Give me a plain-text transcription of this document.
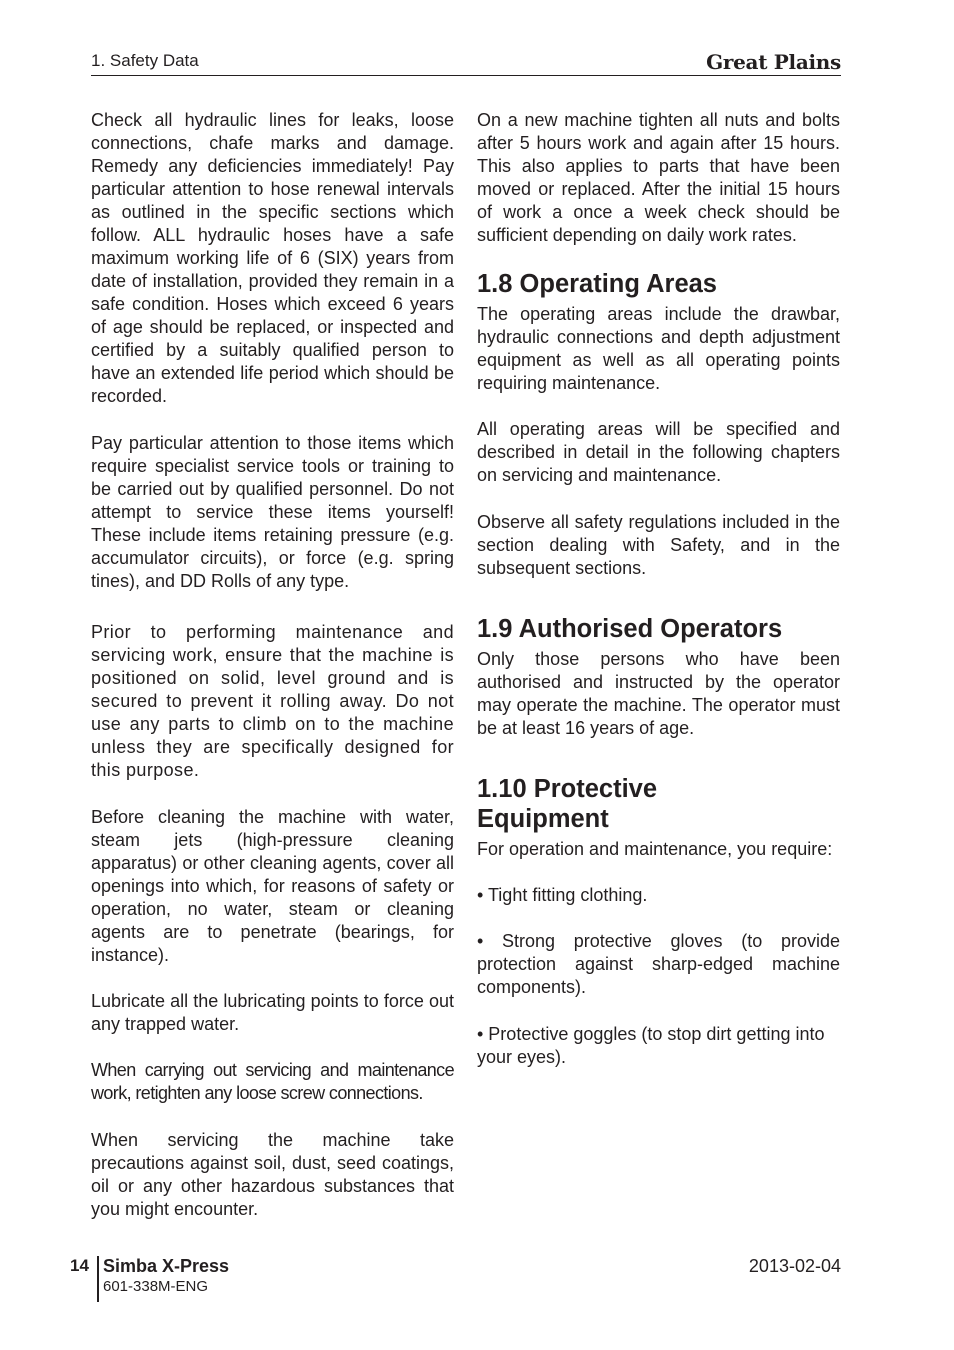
1. Safety Data	Great Plains

Check all hydraulic lines for leaks, loose connections, chafe marks and damage. Remedy any deficiencies immediately! Pay particular attention to hose renewal intervals as outlined in the specific sections which follow. ALL hydraulic hoses have a safe maximum working life of 6 (SIX) years from date of installation, provided they remain in a safe condition. Hoses which exceed 6 years of age should be replaced, or inspected and certified by a suitably qualified person to have an extended life period which should be recorded.

Pay particular attention to those items which require specialist service tools or training to be carried out by qualified personnel. Do not attempt to service these items yourself! These include items retaining pressure (e.g. accumulator circuits), or force (e.g. spring tines), and DD Rolls of any type.

Prior to performing maintenance and servicing work, ensure that the machine is positioned on solid, level ground and is secured to prevent it rolling away. Do not use any parts to climb on to the machine unless they are specifically designed for this purpose.

Before cleaning the machine with water, steam jets (high-pressure cleaning apparatus) or other cleaning agents, cover all openings into which, for reasons of safety or operation, no water, steam or cleaning agents are to penetrate (bearings, for instance).

Lubricate all the lubricating points to force out any trapped water.

When carrying out servicing and maintenance work, retighten any loose screw connections.

When servicing the machine take precautions against soil, dust, seed coatings, oil or any other hazardous substances that you might encounter.

On a new machine tighten all nuts and bolts after 5 hours work and again after 15 hours. This also applies to parts that have been moved or replaced. After the initial 15 hours of work a once a week check should be sufficient depending on daily work rates.

1.8 Operating Areas

The operating areas include the drawbar, hydraulic connections and depth adjustment equipment as well as all operating points requiring maintenance.

All operating areas will be specified and described in detail in the following chapters on servicing and maintenance.

Observe all safety regulations included in the section dealing with Safety, and in the subsequent sections.

1.9 Authorised Operators

Only those persons who have been authorised and instructed by the operator may operate the machine. The operator must be at least 16 years of age.

1.10 Protective Equipment

For operation and maintenance, you require:

• Tight fitting clothing.

• Strong protective gloves (to provide protection against sharp-edged machine components).

• Protective goggles (to stop dirt getting into your eyes).

14 Simba X-Press
601-338M-ENG
2013-02-04
